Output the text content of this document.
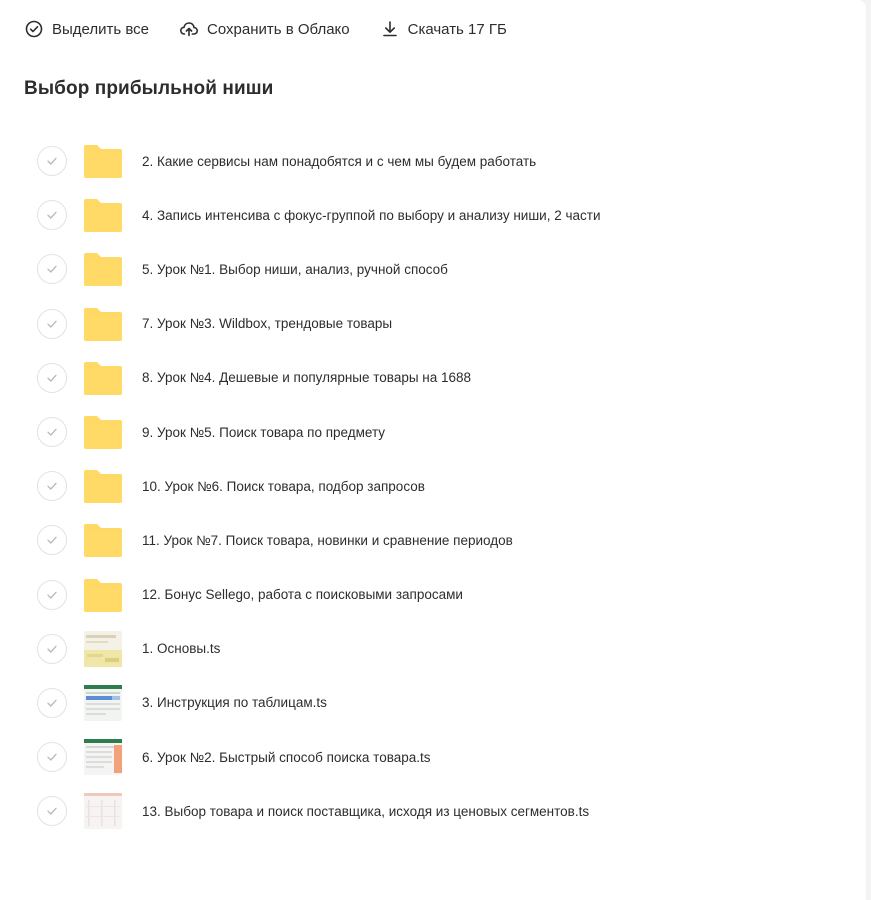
Выделить все	Сохранить в Облако	Скачать 17 ГБ
Выбор прибыльной ниши
2. Какие сервисы нам понадобятся и с чем мы будем работать
4. Запись интенсива с фокус-группой по выбору и анализу ниши, 2 части
5. Урок №1. Выбор ниши, анализ, ручной способ
7. Урок №3. Wildbox, трендовые товары
8. Урок №4. Дешевые и популярные товары на 1688
9. Урок №5. Поиск товара по предмету
10. Урок №6. Поиск товара, подбор запросов
11. Урок №7. Поиск товара, новинки и сравнение периодов
12. Бонус Sellego, работа с поисковыми запросами
1. Основы.ts
3. Инструкция по таблицам.ts
6. Урок №2. Быстрый способ поиска товара.ts
13. Выбор товара и поиск поставщика, исходя из ценовых сегментов.ts
